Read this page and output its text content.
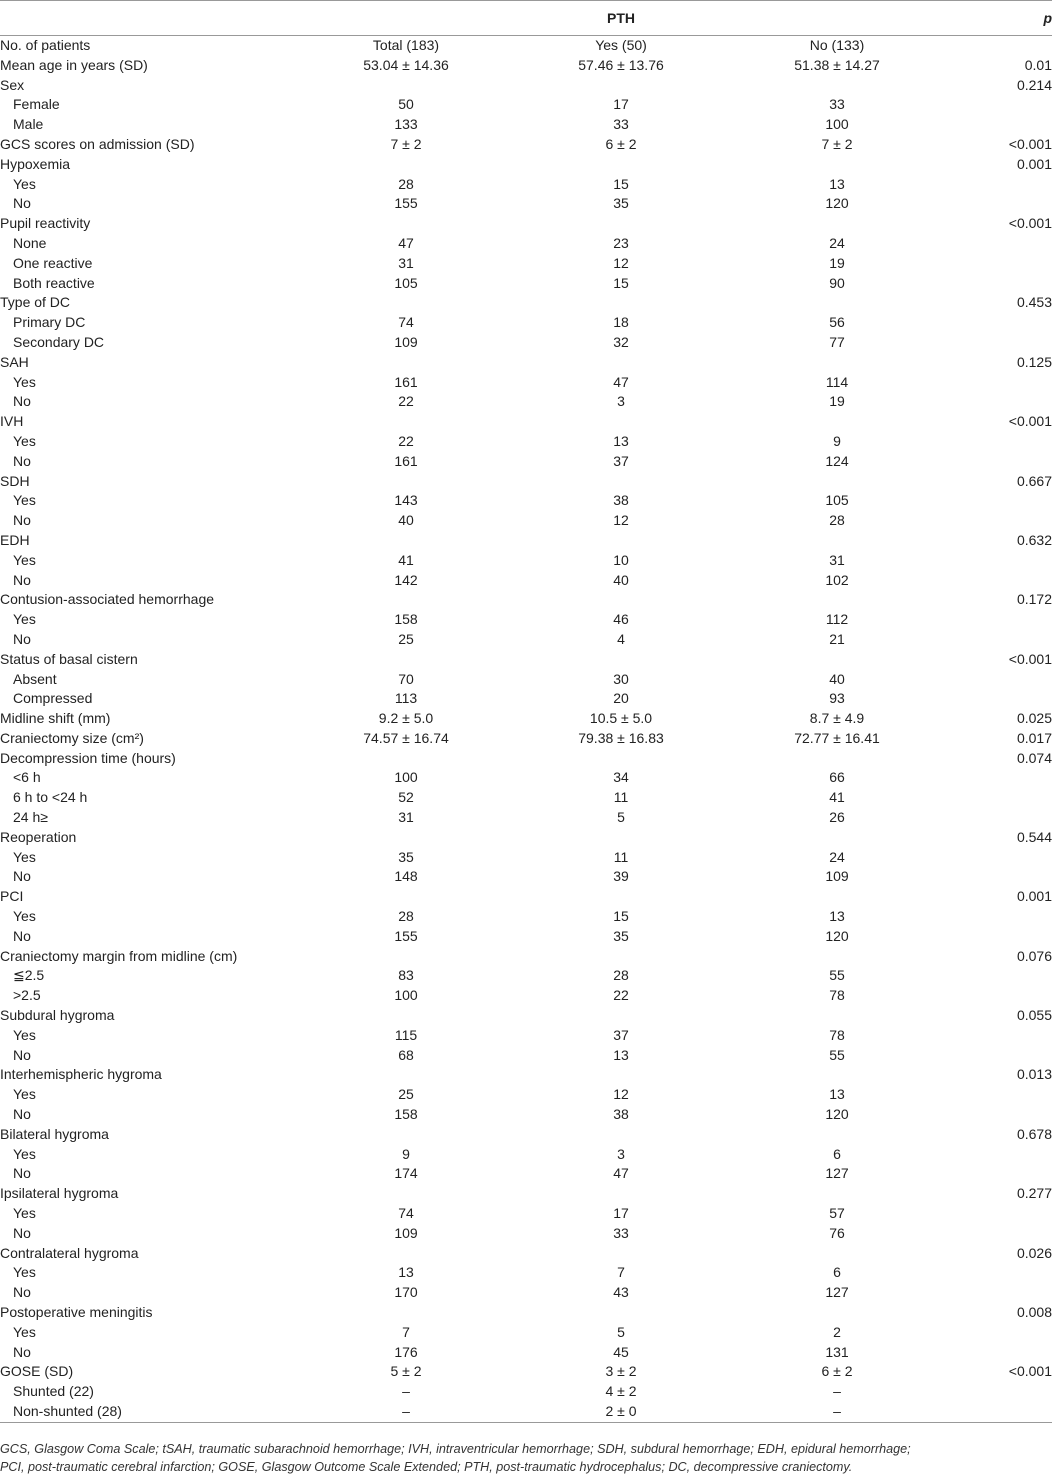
		PTH		p
No. of patients	Total (183)	Yes (50)	No (133)	
Mean age in years (SD)	53.04 ± 14.36	57.46 ± 13.76	51.38 ± 14.27	0.01
Sex				0.214
Female	50	17	33	
Male	133	33	100	
GCS scores on admission (SD)	7 ± 2	6 ± 2	7 ± 2	<0.001
Hypoxemia				0.001
Yes	28	15	13	
No	155	35	120	
Pupil reactivity				<0.001
None	47	23	24	
One reactive	31	12	19	
Both reactive	105	15	90	
Type of DC				0.453
Primary DC	74	18	56	
Secondary DC	109	32	77	
SAH				0.125
Yes	161	47	114	
No	22	3	19	
IVH				<0.001
Yes	22	13	9	
No	161	37	124	
SDH				0.667
Yes	143	38	105	
No	40	12	28	
EDH				0.632
Yes	41	10	31	
No	142	40	102	
Contusion-associated hemorrhage				0.172
Yes	158	46	112	
No	25	4	21	
Status of basal cistern				<0.001
Absent	70	30	40	
Compressed	113	20	93	
Midline shift (mm)	9.2 ± 5.0	10.5 ± 5.0	8.7 ± 4.9	0.025
Craniectomy size (cm²)	74.57 ± 16.74	79.38 ± 16.83	72.77 ± 16.41	0.017
Decompression time (hours)				0.074
<6 h	100	34	66	
6 h to <24 h	52	11	41	
24 h≥	31	5	26	
Reoperation				0.544
Yes	35	11	24	
No	148	39	109	
PCI				0.001
Yes	28	15	13	
No	155	35	120	
Craniectomy margin from midline (cm)				0.076
≦2.5	83	28	55	
>2.5	100	22	78	
Subdural hygroma				0.055
Yes	115	37	78	
No	68	13	55	
Interhemispheric hygroma				0.013
Yes	25	12	13	
No	158	38	120	
Bilateral hygroma				0.678
Yes	9	3	6	
No	174	47	127	
Ipsilateral hygroma				0.277
Yes	74	17	57	
No	109	33	76	
Contralateral hygroma				0.026
Yes	13	7	6	
No	170	43	127	
Postoperative meningitis				0.008
Yes	7	5	2	
No	176	45	131	
GOSE (SD)	5 ± 2	3 ± 2	6 ± 2	<0.001
Shunted (22)	–	4 ± 2	–	
Non-shunted (28)	–	2 ± 0	–	
GCS, Glasgow Coma Scale; tSAH, traumatic subarachnoid hemorrhage; IVH, intraventricular hemorrhage; SDH, subdural hemorrhage; EDH, epidural hemorrhage;
PCI, post-traumatic cerebral infarction; GOSE, Glasgow Outcome Scale Extended; PTH, post-traumatic hydrocephalus; DC, decompressive craniectomy.
